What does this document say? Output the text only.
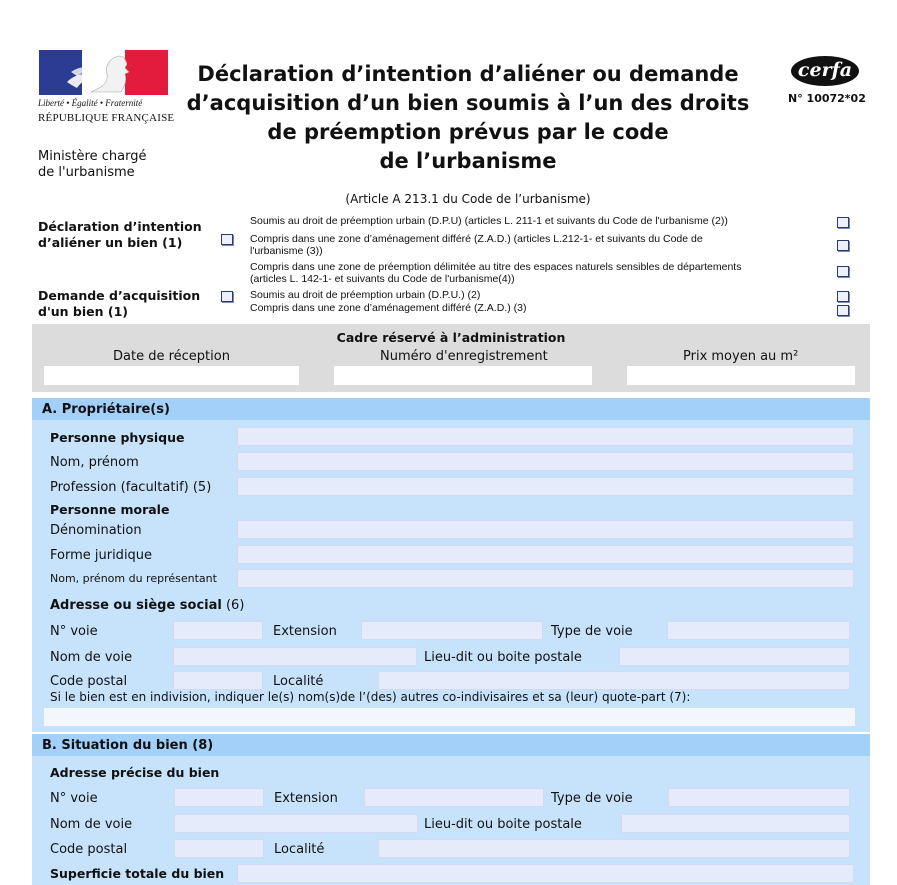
Liberté • Égalité • Fraternité
RÉPUBLIQUE FRANÇAISE
Ministère chargé
de l'urbanisme
Déclaration d’intention d’aliéner ou demande
d’acquisition d’un bien soumis à l’un des droits
de préemption prévus par le code
de l’urbanisme
(Article A 213.1 du Code de l’urbanisme)
cerfa
N° 10072*02
Déclaration d’intention
d’aliéner un bien (1)
Soumis au droit de préemption urbain (D.P.U) (articles L. 211-1 et suivants du Code de l'urbanisme (2))
Compris dans une zone d’aménagement différé (Z.A.D.) (articles L.212-1- et suivants du Code de
l'urbanisme (3))
Compris dans une zone de préemption délimitée au titre des espaces naturels sensibles de départements
(articles L. 142-1- et suivants du Code de l'urbanisme(4))
Demande d’acquisition
d'un bien (1)
Soumis au droit de préemption urbain (D.P.U.) (2)
Compris dans une zone d’aménagement différé (Z.A.D.) (3)
Cadre réservé à l’administration
Date de réception	Numéro d'enregistrement	Prix moyen au m²
A. Propriétaire(s)
Personne physique
Nom, prénom
Profession (facultatif) (5)
Personne morale
Dénomination
Forme juridique
Nom, prénom du représentant
Adresse ou siège social (6)
N° voie	Extension	Type de voie
Nom de voie	Lieu-dit ou boite postale
Code postal	Localité
Si le bien est en indivision, indiquer le(s) nom(s)de l’(des) autres co-indivisaires et sa (leur) quote-part (7):
B. Situation du bien (8)
Adresse précise du bien
N° voie	Extension	Type de voie
Nom de voie	Lieu-dit ou boite postale
Code postal	Localité
Superficie totale du bien
